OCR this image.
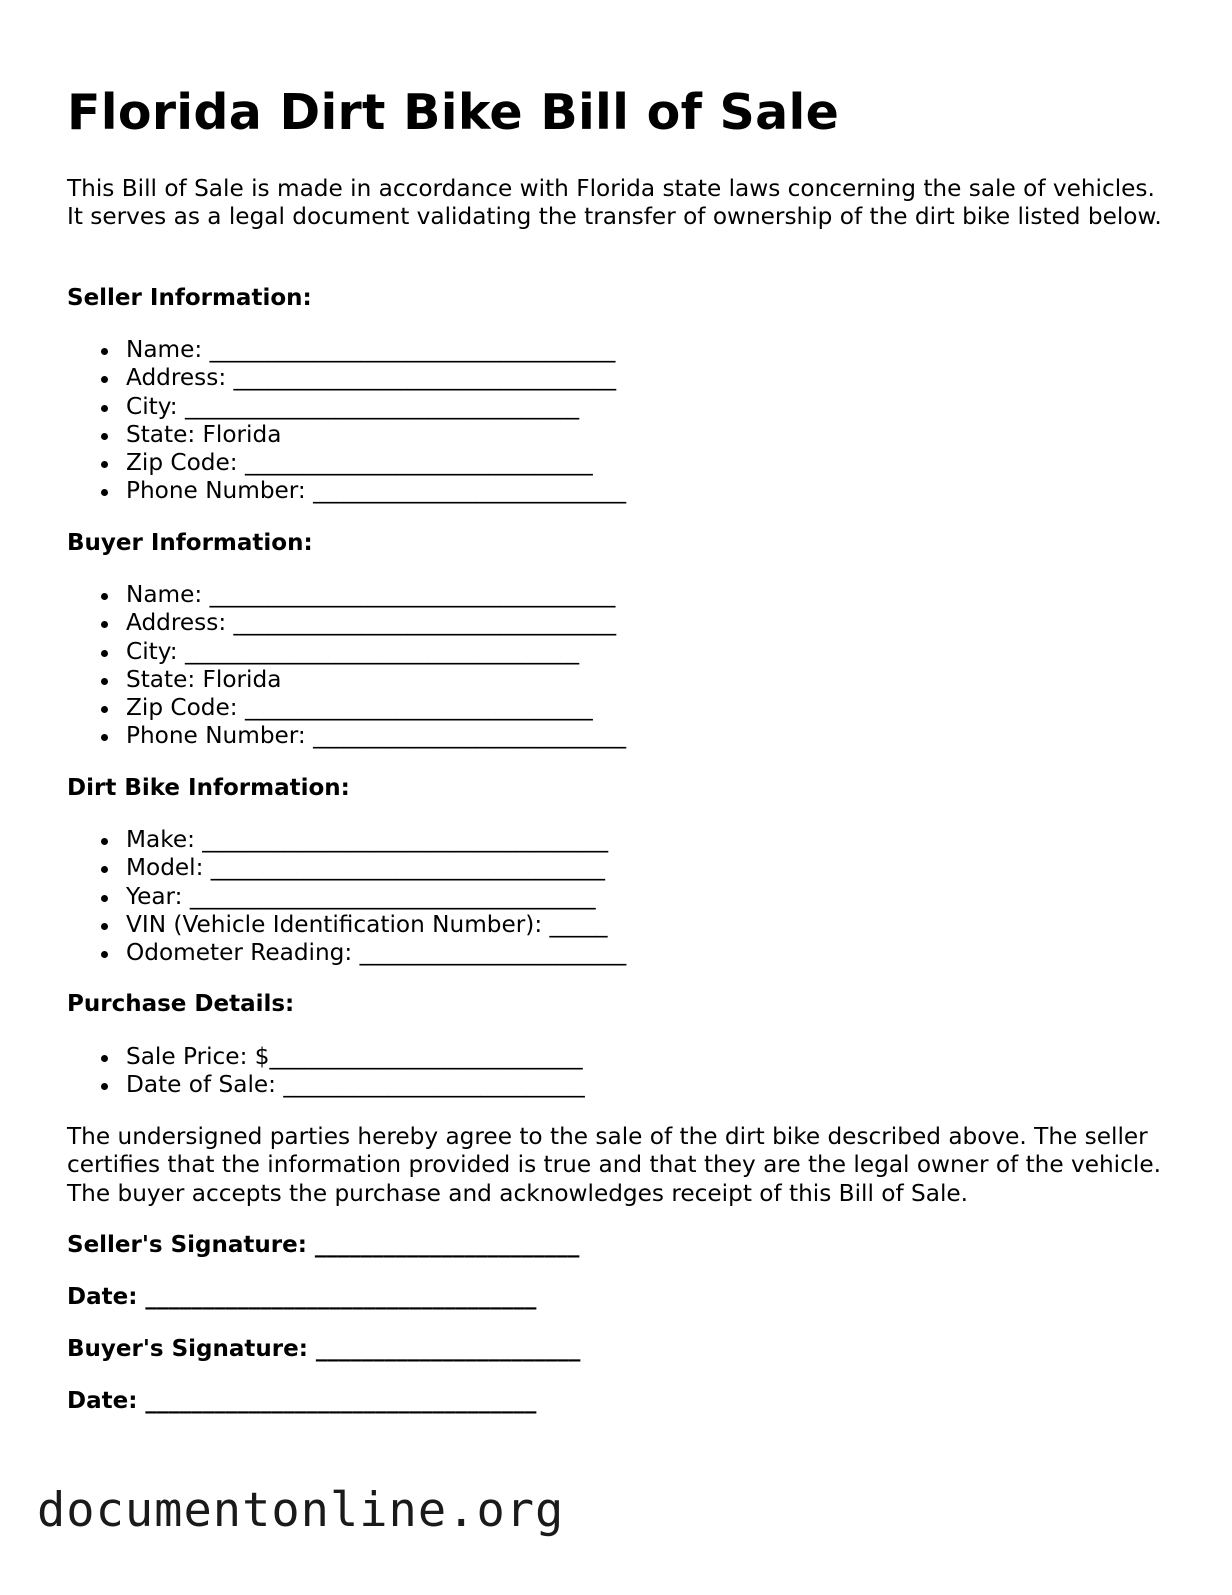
Florida Dirt Bike Bill of Sale

This Bill of Sale is made in accordance with Florida state laws concerning the sale of vehicles. It serves as a legal document validating the transfer of ownership of the dirt bike listed below.

Seller Information:
Name: ___________________________________
Address: _________________________________
City: __________________________________
State: Florida
Zip Code: ______________________________
Phone Number: ___________________________
Buyer Information:
Name: ___________________________________
Address: _________________________________
City: __________________________________
State: Florida
Zip Code: ______________________________
Phone Number: ___________________________
Dirt Bike Information:
Make: ___________________________________
Model: __________________________________
Year: ___________________________________
VIN (Vehicle Identification Number): _____
Odometer Reading: _______________________
Purchase Details:
Sale Price: $___________________________
Date of Sale: __________________________

The undersigned parties hereby agree to the sale of the dirt bike described above. The seller certifies that the information provided is true and that they are the legal owner of the vehicle. The buyer accepts the purchase and acknowledges receipt of this Bill of Sale.

Seller's Signature: _______________________

Date: __________________________________

Buyer's Signature: _______________________

Date: __________________________________

documentonline.org
